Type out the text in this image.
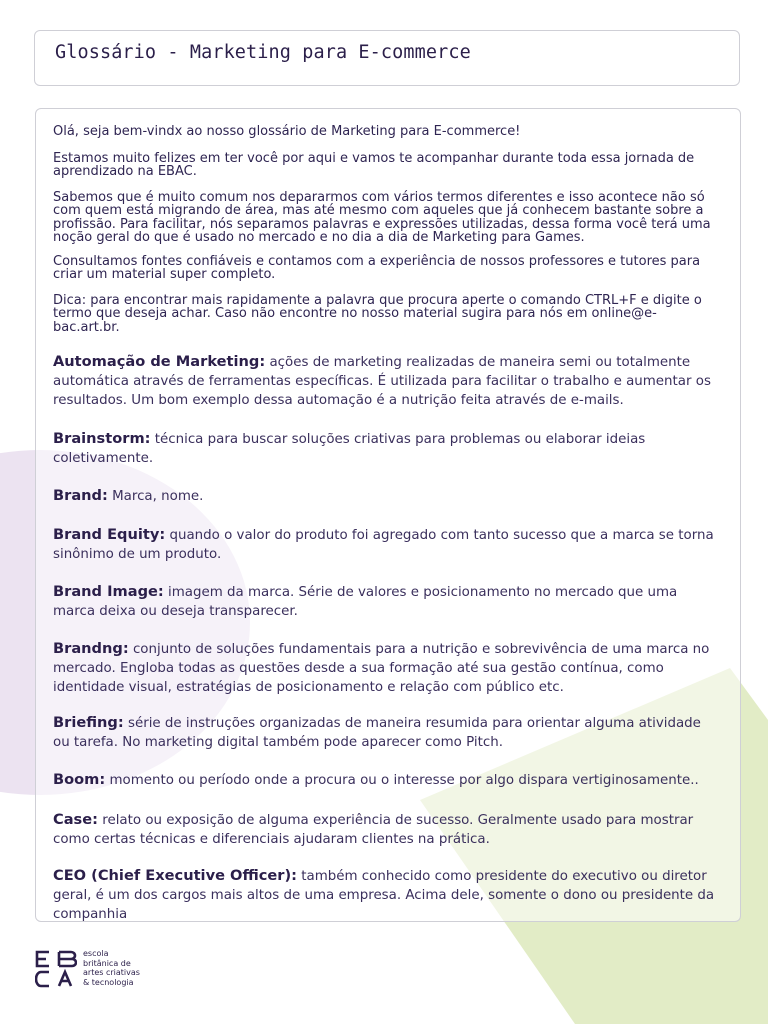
Glossário - Marketing para E-commerce
Olá, seja bem-vindx ao nosso glossário de Marketing para E-commerce!
Estamos muito felizes em ter você por aqui e vamos te acompanhar durante toda essa jornada de aprendizado na EBAC.
Sabemos que é muito comum nos depararmos com vários termos diferentes e isso acontece não só com quem está migrando de área, mas até mesmo com aqueles que já conhecem bastante sobre a profissão. Para facilitar, nós separamos palavras e expressões utilizadas, dessa forma você terá uma noção geral do que é usado no mercado e no dia a dia de Marketing para Games.
Consultamos fontes confiáveis e contamos com a experiência de nossos professores e tutores para criar um material super completo.
Dica: para encontrar mais rapidamente a palavra que procura aperte o comando CTRL+F e digite o termo que deseja achar. Caso não encontre no nosso material sugira para nós em online@e-bac.art.br.
Automação de Marketing: ações de marketing realizadas de maneira semi ou totalmente automática através de ferramentas específicas. É utilizada para facilitar o trabalho e aumentar os resultados. Um bom exemplo dessa automação é a nutrição feita através de e-mails.
Brainstorm: técnica para buscar soluções criativas para problemas ou elaborar ideias coletivamente.
Brand: Marca, nome.
Brand Equity: quando o valor do produto foi agregado com tanto sucesso que a marca se torna sinônimo de um produto.
Brand Image: imagem da marca. Série de valores e posicionamento no mercado que uma marca deixa ou deseja transparecer.
Brandng: conjunto de soluções fundamentais para a nutrição e sobrevivência de uma marca no mercado. Engloba todas as questões desde a sua formação até sua gestão contínua, como identidade visual, estratégias de posicionamento e relação com público etc.
Briefing: série de instruções organizadas de maneira resumida para orientar alguma atividade ou tarefa. No marketing digital também pode aparecer como Pitch.
Boom: momento ou período onde a procura ou o interesse por algo dispara vertiginosamente..
Case: relato ou exposição de alguma experiência de sucesso. Geralmente usado para mostrar como certas técnicas e diferenciais ajudaram clientes na prática.
CEO (Chief Executive Officer): também conhecido como presidente do executivo ou diretor geral, é um dos cargos mais altos de uma empresa. Acima dele, somente o dono ou presidente da companhia
escola
britânica de
artes criativas
& tecnologia
